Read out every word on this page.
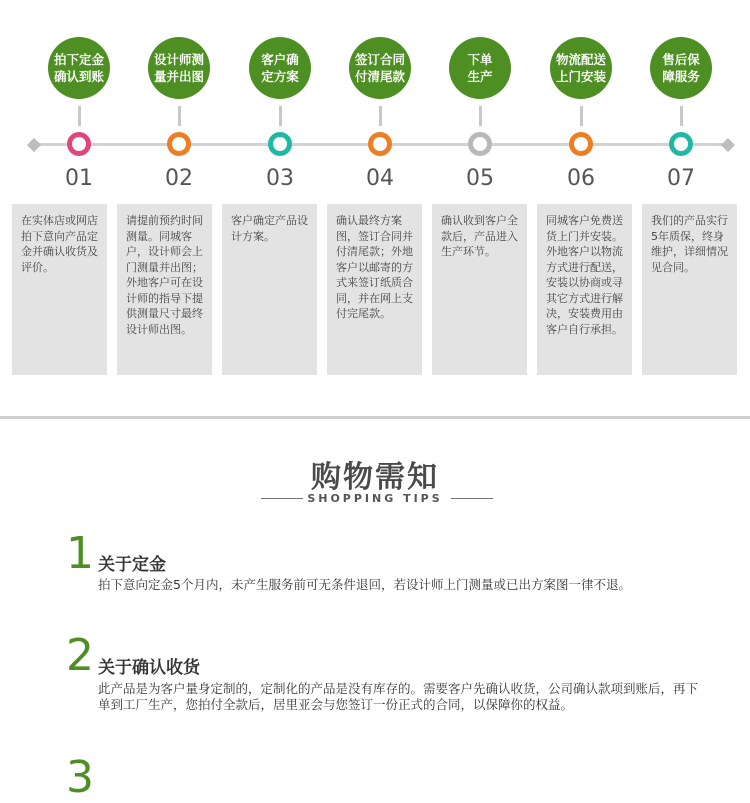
拍下定金
确认到账
设计师测
量并出图
客户确
定方案
签订合同
付清尾款
下单
生产
物流配送
上门安装
售后保
障服务
01	02	03	04	05	06	07
在实体店或网店拍下意向产品定金并确认收货及评价。
请提前预约时间测量。同城客户，设计师会上门测量并出图；外地客户可在设计师的指导下提供测量尺寸最终设计师出图。
客户确定产品设计方案。
确认最终方案图，签订合同并付清尾款；外地客户以邮寄的方式来签订纸质合同，并在网上支付完尾款。
确认收到客户全款后，产品进入生产环节。
同城客户免费送货上门并安装。外地客户以物流方式进行配送，安装以协商或寻其它方式进行解决，安装费用由客户自行承担。
我们的产品实行5年质保，终身维护，详细情况见合同。
购物需知
SHOPPING TIPS
1 关于定金
拍下意向定金5个月内，未产生服务前可无条件退回，若设计师上门测量或已出方案图一律不退。
2 关于确认收货
此产品是为客户量身定制的，定制化的产品是没有库存的。需要客户先确认收货，公司确认款项到账后，再下单到工厂生产，您拍付全款后，居里亚会与您签订一份正式的合同，以保障你的权益。
3
